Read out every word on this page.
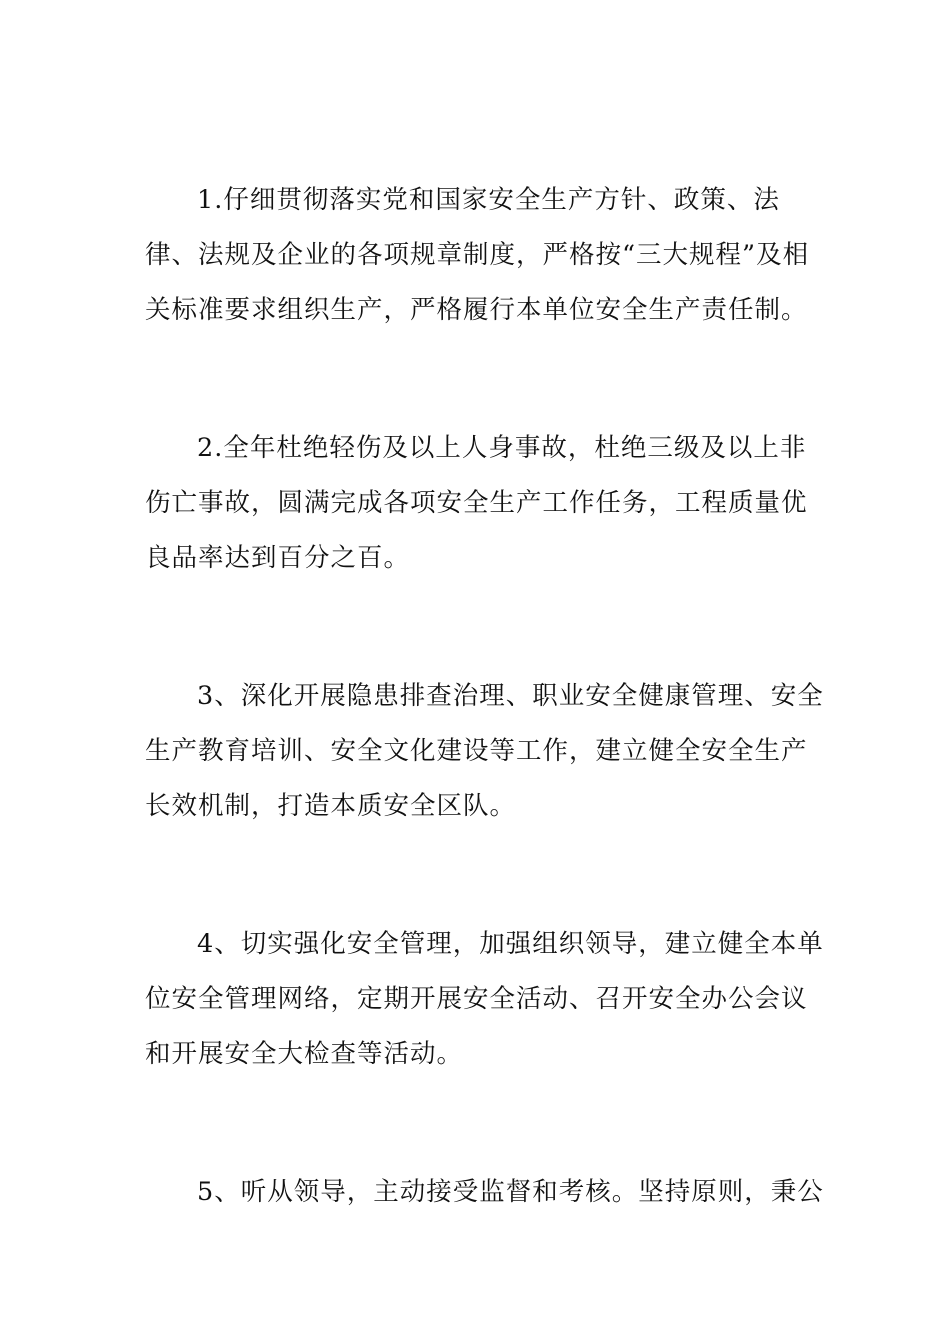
1.仔细贯彻落实党和国家安全生产方针、政策、法律、法规及企业的各项规章制度，严格按“三大规程”及相关标准要求组织生产，严格履行本单位安全生产责任制。

2.全年杜绝轻伤及以上人身事故，杜绝三级及以上非伤亡事故，圆满完成各项安全生产工作任务，工程质量优良品率达到百分之百。

3、深化开展隐患排查治理、职业安全健康管理、安全生产教育培训、安全文化建设等工作，建立健全安全生产长效机制，打造本质安全区队。

4、切实强化安全管理，加强组织领导，建立健全本单位安全管理网络，定期开展安全活动、召开安全办公会议和开展安全大检查等活动。

5、听从领导，主动接受监督和考核。坚持原则，秉公
